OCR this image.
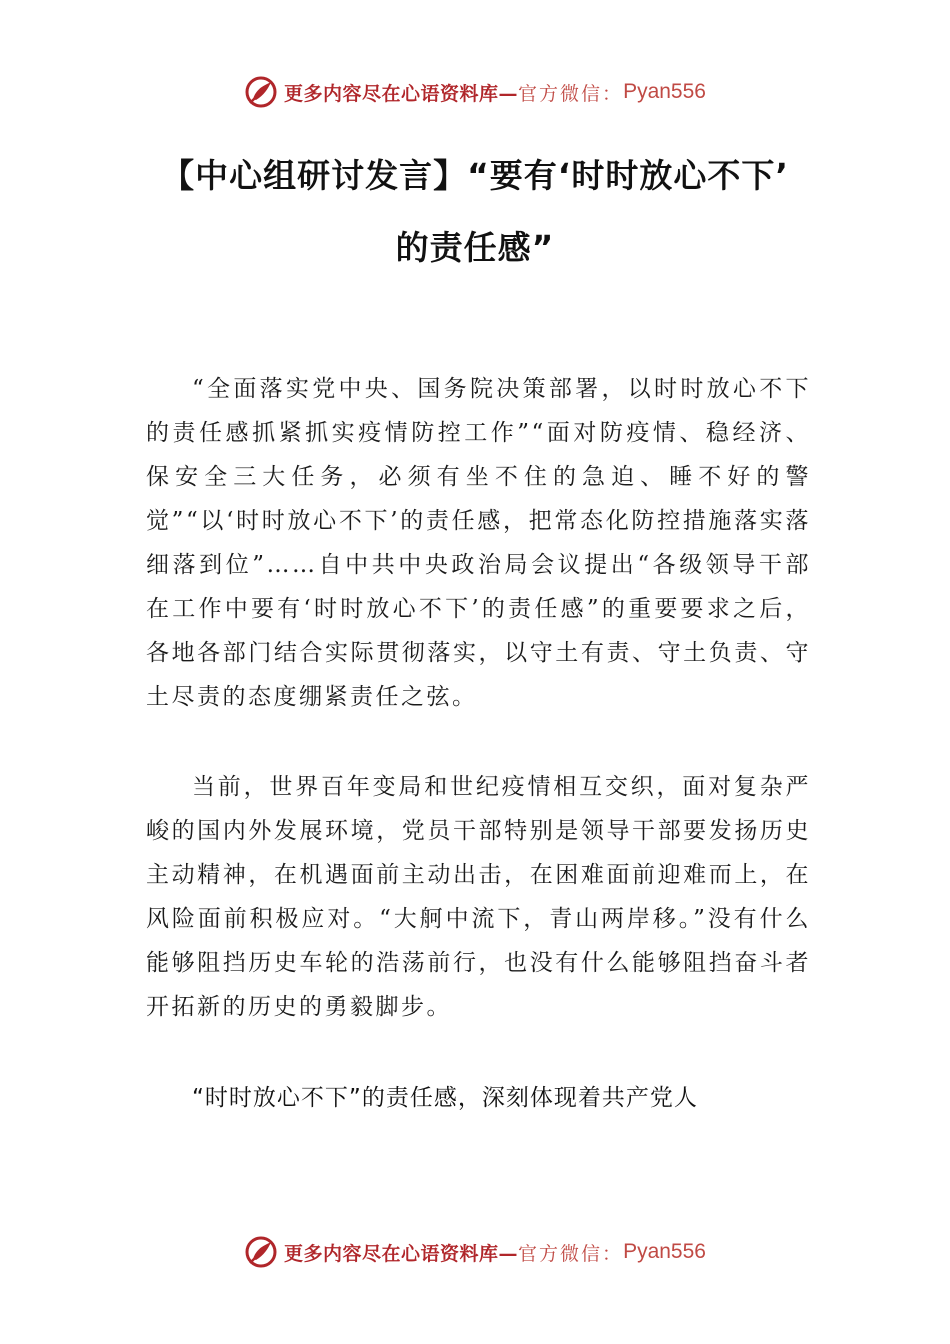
更多内容尽在心语资料库— 官方微信： Pyan556
【中心组研讨发言】“要有‘时时放心不下’
的责任感”

“全面落实党中央、国务院决策部署，以时时放心不下的责任感抓紧抓实疫情防控工作”“面对防疫情、稳经济、保安全三大任务，必须有坐不住的急迫、睡不好的警觉”“以‘时时放心不下’的责任感，把常态化防控措施落实落细落到位”……自中共中央政治局会议提出“各级领导干部在工作中要有‘时时放心不下’的责任感”的重要要求之后，各地各部门结合实际贯彻落实，以守土有责、守土负责、守土尽责的态度绷紧责任之弦。

当前，世界百年变局和世纪疫情相互交织，面对复杂严峻的国内外发展环境，党员干部特别是领导干部要发扬历史主动精神，在机遇面前主动出击，在困难面前迎难而上，在风险面前积极应对。“大舸中流下，青山两岸移。”没有什么能够阻挡历史车轮的浩荡前行，也没有什么能够阻挡奋斗者开拓新的历史的勇毅脚步。

“时时放心不下”的责任感，深刻体现着共产党人

更多内容尽在心语资料库— 官方微信： Pyan556
